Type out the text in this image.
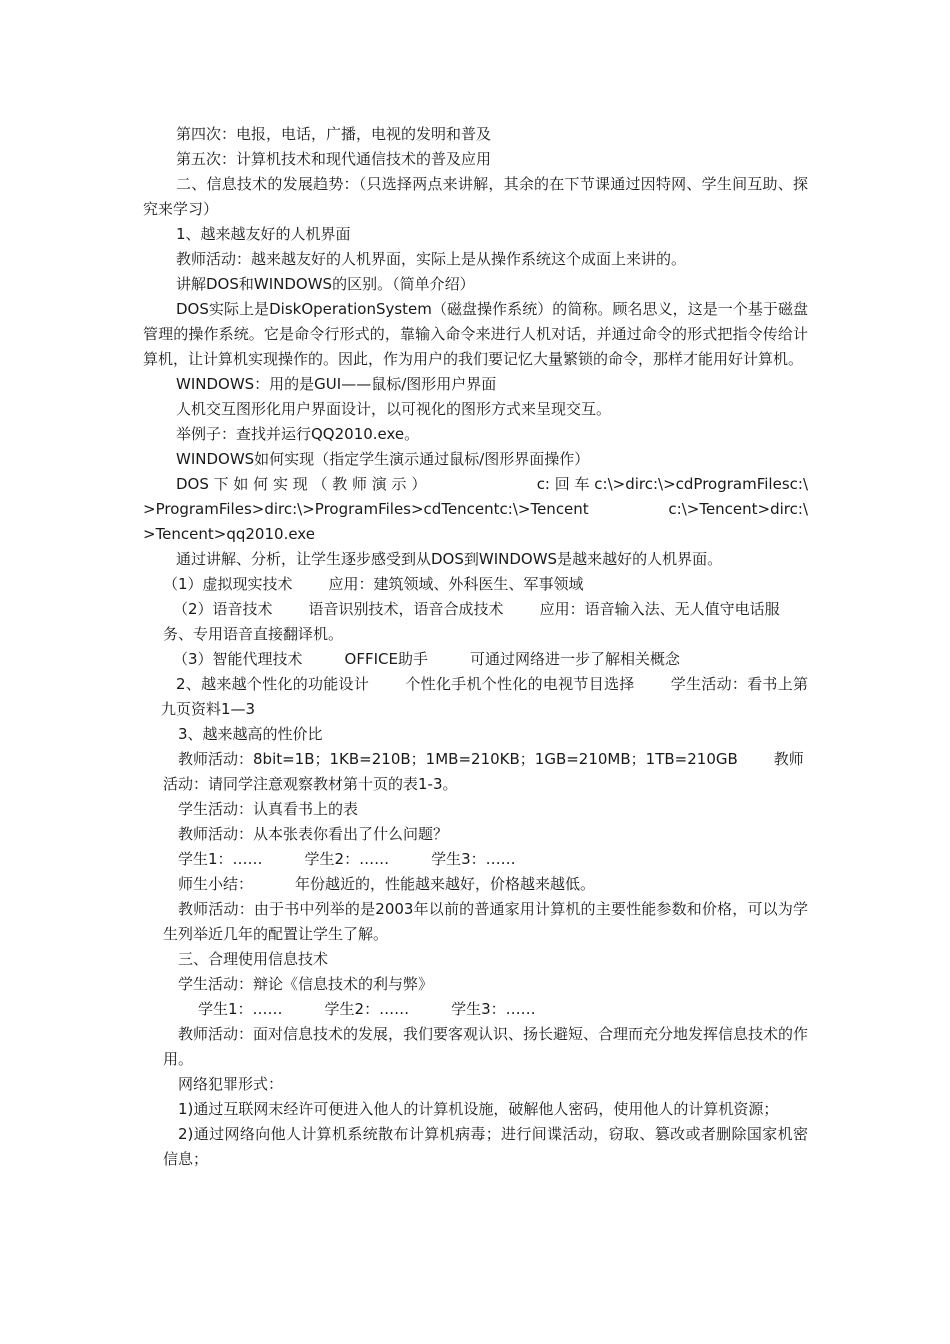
第四次：电报，电话，广播，电视的发明和普及

第五次：计算机技术和现代通信技术的普及应用

二、信息技术的发展趋势：（只选择两点来讲解，其余的在下节课通过因特网、学生间互助、探究来学习）

1、越来越友好的人机界面

教师活动：越来越友好的人机界面，实际上是从操作系统这个成面上来讲的。

讲解DOS和WINDOWS的区别。（简单介绍）

DOS实际上是DiskOperationSystem（磁盘操作系统）的简称。顾名思义，这是一个基于磁盘管理的操作系统。它是命令行形式的，靠输入命令来进行人机对话，并通过命令的形式把指令传给计算机，让计算机实现操作的。因此，作为用户的我们要记忆大量繁锁的命令，那样才能用好计算机。

WINDOWS：用的是GUI——鼠标/图形用户界面

人机交互图形化用户界面设计，以可视化的图形方式来呈现交互。

举例子：查找并运行QQ2010.exe。

WINDOWS如何实现（指定学生演示通过鼠标/图形界面操作）

DOS 下 如 何 实 现 （ 教 师 演 示 ）	c: 回 车 c:\>dirc:\>cdProgramFilesc:\
>ProgramFiles>dirc:\>ProgramFiles>cdTencentc:\>Tencent	c:\>Tencent>dirc:\

>Tencent>qq2010.exe

通过讲解、分析，让学生逐步感受到从DOS到WINDOWS是越来越好的人机界面。

（1）虚拟现实技术 应用：建筑领域、外科医生、军事领域

（2）语音技术 语音识别技术，语音合成技术 应用：语音输入法、无人值守电话服务、专用语音直接翻译机。

（3）智能代理技术	OFFICE助手	可通过网络进一步了解相关概念

2、越来越个性化的功能设计 个性化手机个性化的电视节目选择 学生活动：看书上第九页资料1—3

3、越来越高的性价比

教师活动：8bit=1B；1KB=210B；1MB=210KB；1GB=210MB；1TB=210GB 教师活动：请同学注意观察教材第十页的表1-3。

学生活动：认真看书上的表

教师活动：从本张表你看出了什么问题？

学生1：……	学生2：……	学生3：……

师生小结：	年份越近的，性能越来越好，价格越来越低。

教师活动：由于书中列举的是2003年以前的普通家用计算机的主要性能参数和价格，可以为学生列举近几年的配置让学生了解。

三、合理使用信息技术

学生活动：辩论《信息技术的利与弊》

学生1：……	学生2：……	学生3：……

教师活动：面对信息技术的发展，我们要客观认识、扬长避短、合理而充分地发挥信息技术的作用。

网络犯罪形式：

1)通过互联网末经许可便进入他人的计算机设施，破解他人密码，使用他人的计算机资源；

2)通过网络向他人计算机系统散布计算机病毒；进行间谍活动，窃取、篡改或者删除国家机密信息；
